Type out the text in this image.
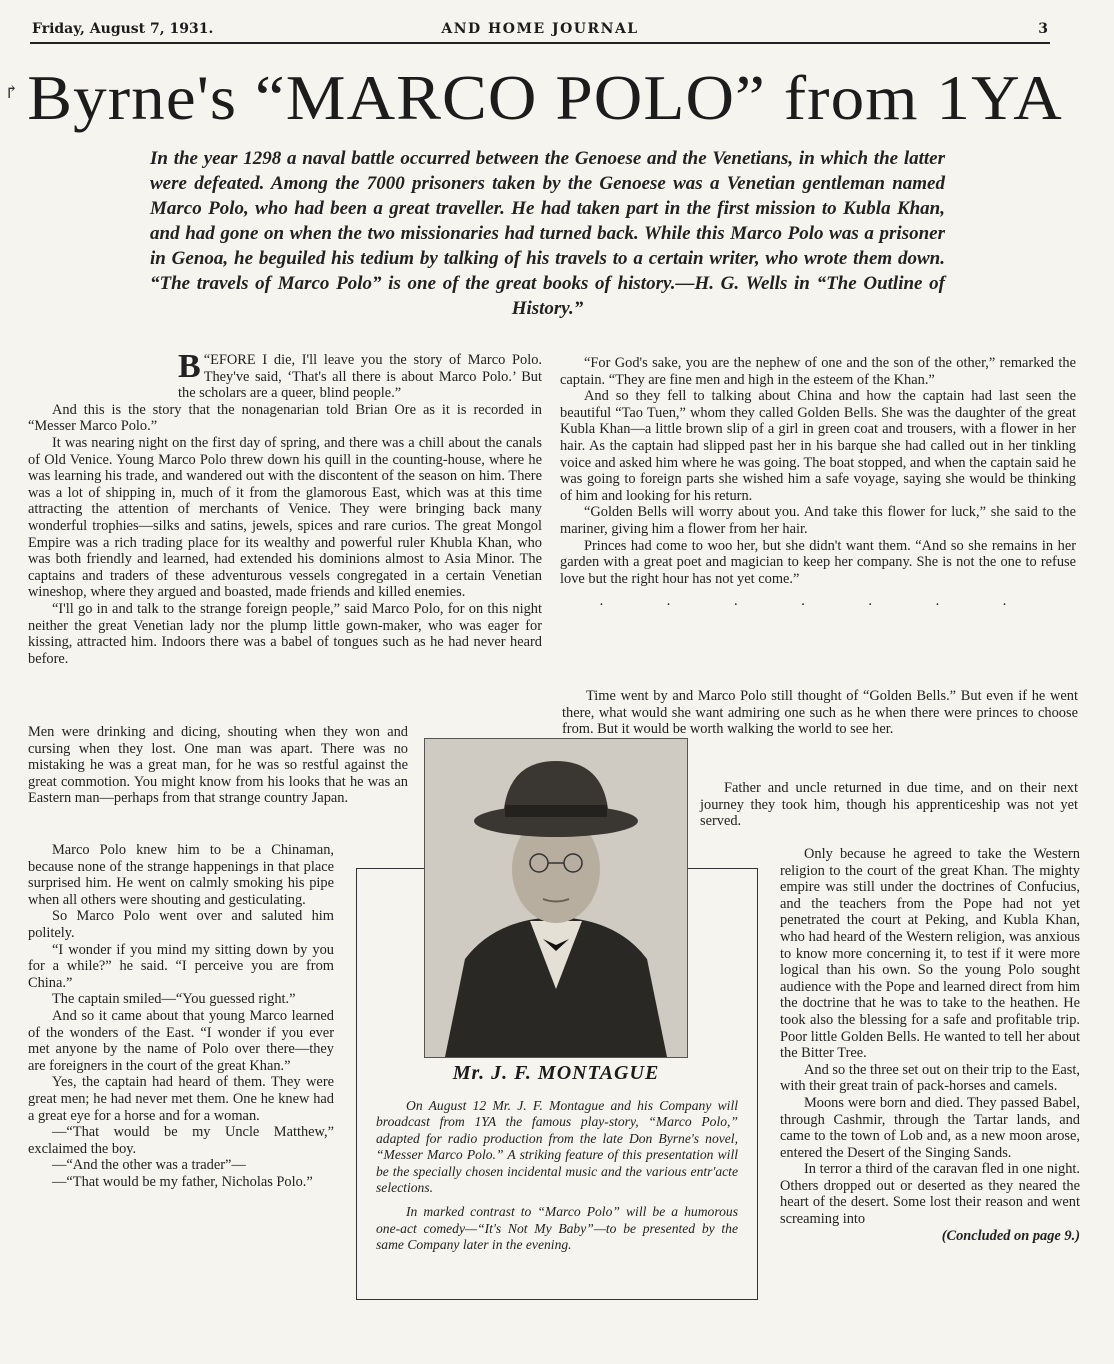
Friday, August 7, 1931.	AND HOME JOURNAL	3
↱ Byrne's “MARCO POLO” from 1YA
In the year 1298 a naval battle occurred between the Genoese and the Venetians, in which the latter were defeated. Among the 7000 prisoners taken by the Genoese was a Venetian gentleman named Marco Polo, who had been a great traveller. He had taken part in the first mission to Kubla Khan, and had gone on when the two missionaries had turned back. While this Marco Polo was a prisoner in Genoa, he beguiled his tedium by talking of his travels to a certain writer, who wrote them down. “The travels of Marco Polo” is one of the great books of history.—H. G. Wells in “The Outline of History.”

“
B EFORE I die, I'll leave you the story of Marco Polo. They've said, ‘That's all there is about Marco Polo.’ But the scholars are a queer, blind people.”

And this is the story that the nonagenarian told Brian Ore as it is recorded in “Messer Marco Polo.”

It was nearing night on the first day of spring, and there was a chill about the canals of Old Venice. Young Marco Polo threw down his quill in the counting-house, where he was learning his trade, and wandered out with the discontent of the season on him. There was a lot of shipping in, much of it from the glamorous East, which was at this time attracting the attention of merchants of Venice. They were bringing back many wonderful trophies—silks and satins, jewels, spices and rare curios. The great Mongol Empire was a rich trading place for its wealthy and powerful ruler Khubla Khan, who was both friendly and learned, had extended his dominions almost to Asia Minor. The captains and traders of these adventurous vessels congregated in a certain Venetian wineshop, where they argued and boasted, made friends and killed enemies.

“I'll go in and talk to the strange foreign people,” said Marco Polo, for on this night neither the great Venetian lady nor the plump little gown-maker, who was eager for kissing, attracted him. Indoors there was a babel of tongues such as he had never heard before.

Men were drinking and dicing, shouting when they won and cursing when they lost. One man was apart. There was no mistaking he was a great man, for he was so restful against the great commotion. You might know from his looks that he was an Eastern man—perhaps from that strange country Japan.

Marco Polo knew him to be a Chinaman, because none of the strange happenings in that place surprised him. He went on calmly smoking his pipe when all others were shouting and gesticulating.

So Marco Polo went over and saluted him politely.

“I wonder if you mind my sitting down by you for a while?” he said. “I perceive you are from China.”

The captain smiled—“You guessed right.”

And so it came about that young Marco learned of the wonders of the East. “I wonder if you ever met anyone by the name of Polo over there—they are foreigners in the court of the great Khan.”

Yes, the captain had heard of them. They were great men; he had never met them. One he knew had a great eye for a horse and for a woman.

—“That would be my Uncle Matthew,” exclaimed the boy.

—“And the other was a trader”—

—“That would be my father, Nicholas Polo.”

“For God's sake, you are the nephew of one and the son of the other,” remarked the captain. “They are fine men and high in the esteem of the Khan.”

And so they fell to talking about China and how the captain had last seen the beautiful “Tao Tuen,” whom they called Golden Bells. She was the daughter of the great Kubla Khan—a little brown slip of a girl in green coat and trousers, with a flower in her hair. As the captain had slipped past her in his barque she had called out in her tinkling voice and asked him where he was going. The boat stopped, and when the captain said he was going to foreign parts she wished him a safe voyage, saying she would be thinking of him and looking for his return.

“Golden Bells will worry about you. And take this flower for luck,” she said to the mariner, giving him a flower from her hair.

Princes had come to woo her, but she didn't want them. “And so she remains in her garden with a great poet and magician to keep her company. She is not the one to refuse love but the right hour has not yet come.”

. . . . . . .

Time went by and Marco Polo still thought of “Golden Bells.” But even if he went there, what would she want admiring one such as he when there were princes to choose from. But it would be worth walking the world to see her.

Father and uncle returned in due time, and on their next journey they took him, though his apprenticeship was not yet served.

Only because he agreed to take the Western religion to the court of the great Khan. The mighty empire was still under the doctrines of Confucius, and the teachers from the Pope had not yet penetrated the court at Peking, and Kubla Khan, who had heard of the Western religion, was anxious to know more concerning it, to test if it were more logical than his own. So the young Polo sought audience with the Pope and learned direct from him the doctrine that he was to take to the heathen. He took also the blessing for a safe and profitable trip. Poor little Golden Bells. He wanted to tell her about the Bitter Tree.

And so the three set out on their trip to the East, with their great train of pack-horses and camels.

Moons were born and died. They passed Babel, through Cashmir, through the Tartar lands, and came to the town of Lob and, as a new moon arose, entered the Desert of the Singing Sands.

In terror a third of the caravan fled in one night. Others dropped out or deserted as they neared the heart of the desert. Some lost their reason and went screaming into

(Concluded on page 9.)

Mr. J. F. MONTAGUE

On August 12 Mr. J. F. Montague and his Company will broadcast from 1YA the famous play-story, “Marco Polo,” adapted for radio production from the late Don Byrne's novel, “Messer Marco Polo.” A striking feature of this presentation will be the specially chosen incidental music and the various entr'acte selections.

In marked contrast to “Marco Polo” will be a humorous one-act comedy—“It's Not My Baby”—to be presented by the same Company later in the evening.
